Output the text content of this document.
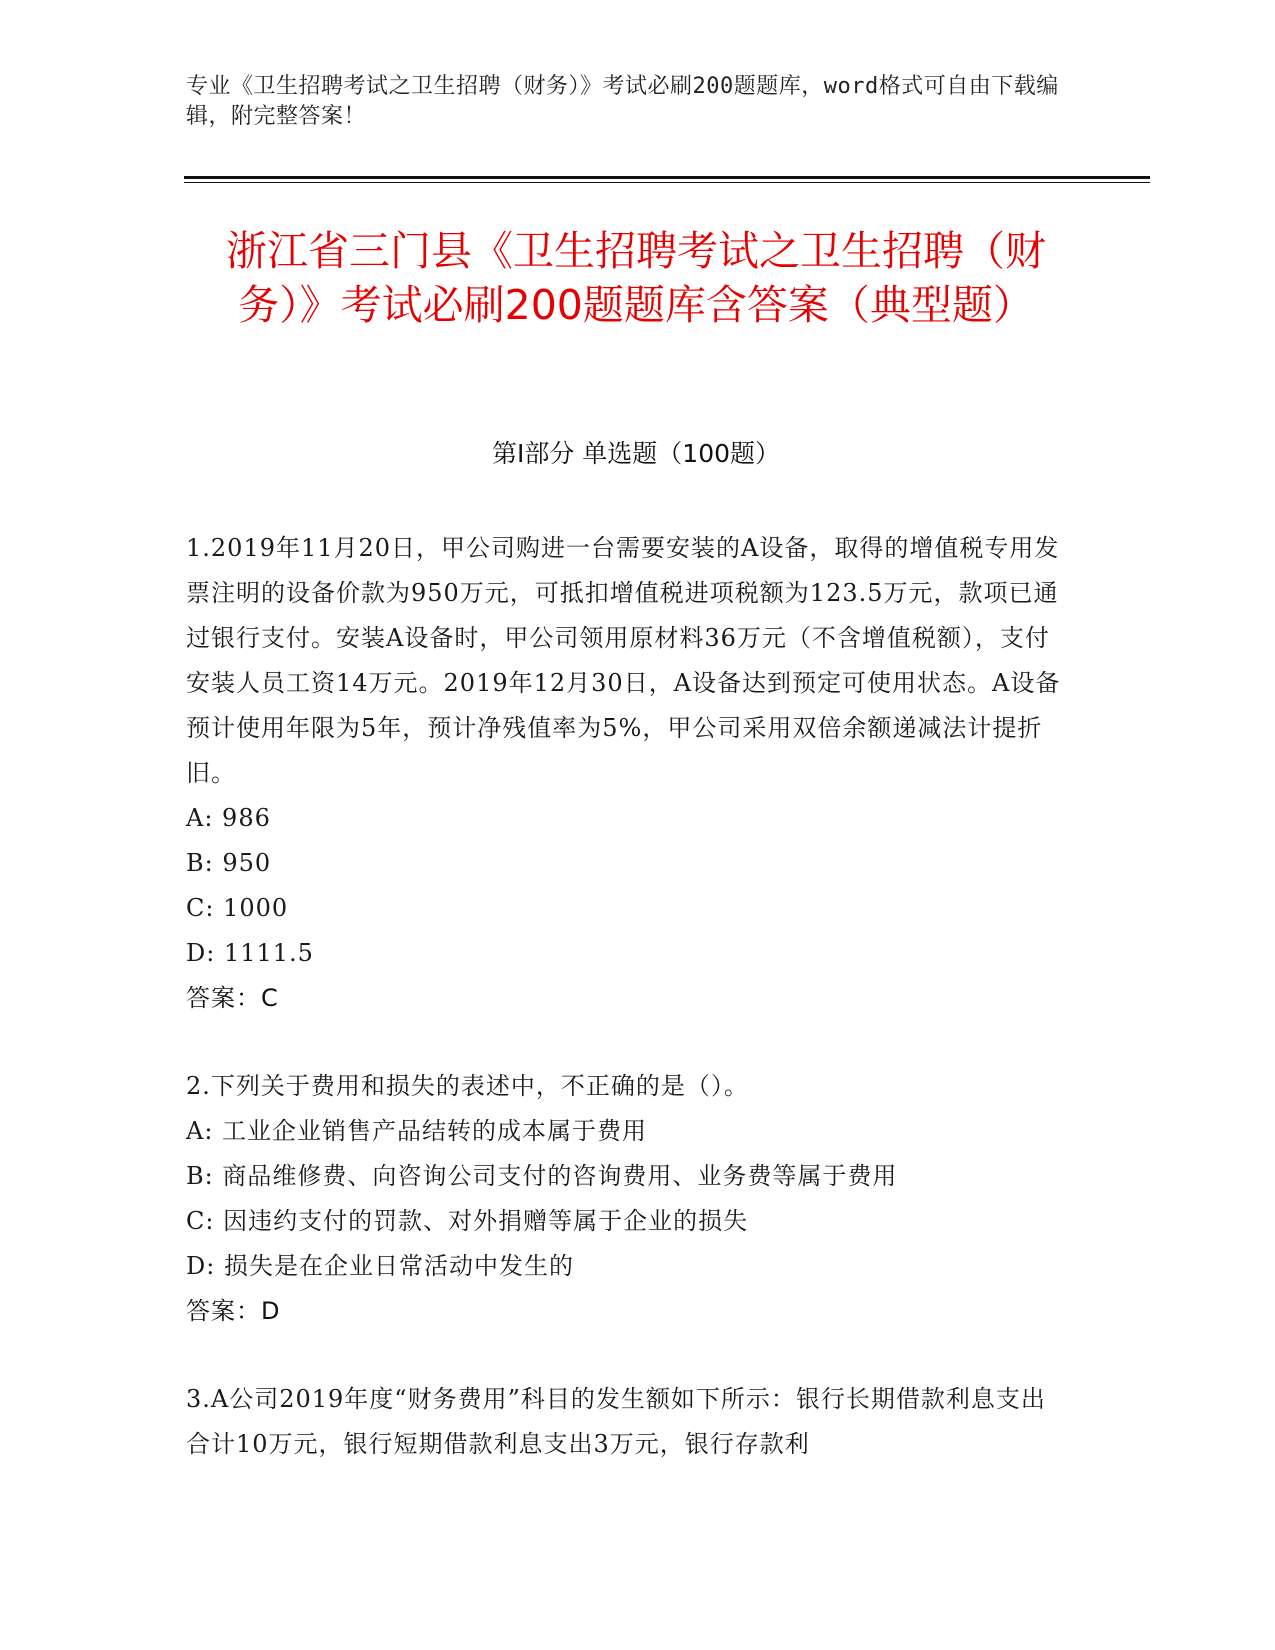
专业《卫生招聘考试之卫生招聘（财务）》考试必刷200题题库，word格式可自由下载编辑，附完整答案！
浙江省三门县《卫生招聘考试之卫生招聘（财务）》考试必刷200题题库含答案（典型题）
第Ⅰ部分 单选题（100题）

1.2019年11月20日，甲公司购进一台需要安装的A设备，取得的增值税专用发票注明的设备价款为950万元，可抵扣增值税进项税额为123.5万元，款项已通过银行支付。安装A设备时，甲公司领用原材料36万元（不含增值税额），支付安装人员工资14万元。2019年12月30日，A设备达到预定可使用状态。A设备预计使用年限为5年，预计净残值率为5%，甲公司采用双倍余额递减法计提折旧。

A: 986

B: 950

C: 1000

D: 1111.5

答案：C

2.下列关于费用和损失的表述中，不正确的是（）。

A: 工业企业销售产品结转的成本属于费用

B: 商品维修费、向咨询公司支付的咨询费用、业务费等属于费用

C: 因违约支付的罚款、对外捐赠等属于企业的损失

D: 损失是在企业日常活动中发生的

答案：D

3.A公司2019年度“财务费用”科目的发生额如下所示：银行长期借款利息支出合计10万元，银行短期借款利息支出3万元，银行存款利
